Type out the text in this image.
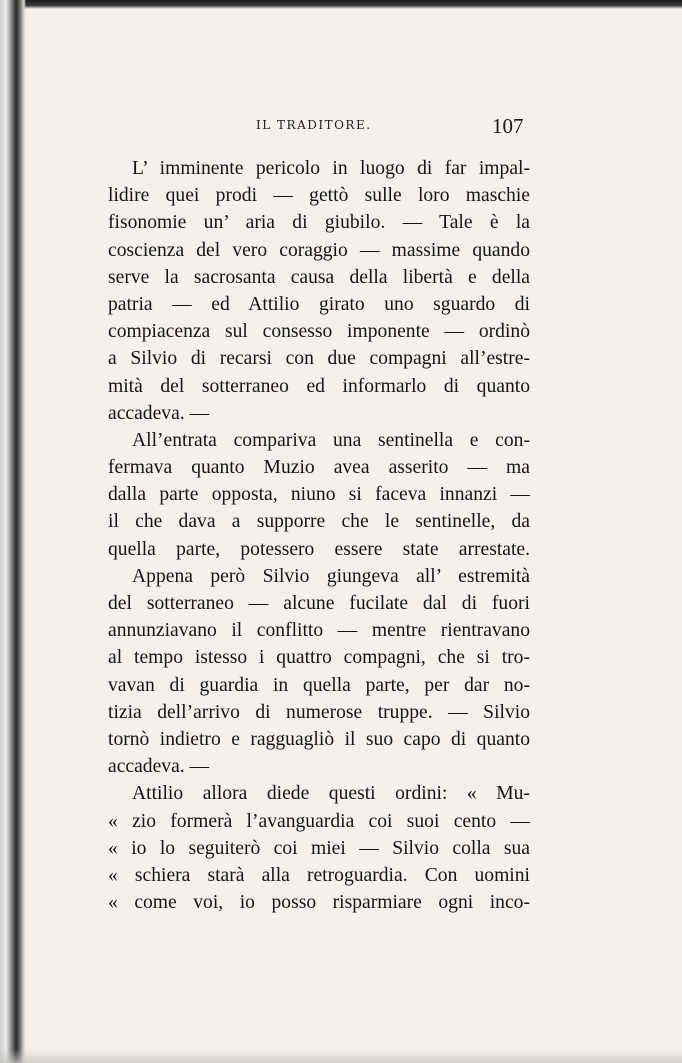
IL TRADITORE.	107
L’ imminente pericolo in luogo di far impal-
lidire quei prodi — gettò sulle loro maschie
fisonomie un’ aria di giubilo. — Tale è la
coscienza del vero coraggio — massime quando
serve la sacrosanta causa della libertà e della
patria — ed Attilio girato uno sguardo di
compiacenza sul consesso imponente — ordinò
a Silvio di recarsi con due compagni all’estre-
mità del sotterraneo ed informarlo di quanto
accadeva. —
All’entrata compariva una sentinella e con-
fermava quanto Muzio avea asserito — ma
dalla parte opposta, niuno si faceva innanzi —
il che dava a supporre che le sentinelle, da
quella parte, potessero essere state arrestate.
Appena però Silvio giungeva all’ estremità
del sotterraneo — alcune fucilate dal di fuori
annunziavano il conflitto — mentre rientravano
al tempo istesso i quattro compagni, che si tro-
vavan di guardia in quella parte, per dar no-
tizia dell’arrivo di numerose truppe. — Silvio
tornò indietro e ragguagliò il suo capo di quanto
accadeva. —
Attilio allora diede questi ordini: « Mu-
« zio formerà l’avanguardia coi suoi cento —
« io lo seguiterò coi miei — Silvio colla sua
« schiera starà alla retroguardia. Con uomini
« come voi, io posso risparmiare ogni inco-
